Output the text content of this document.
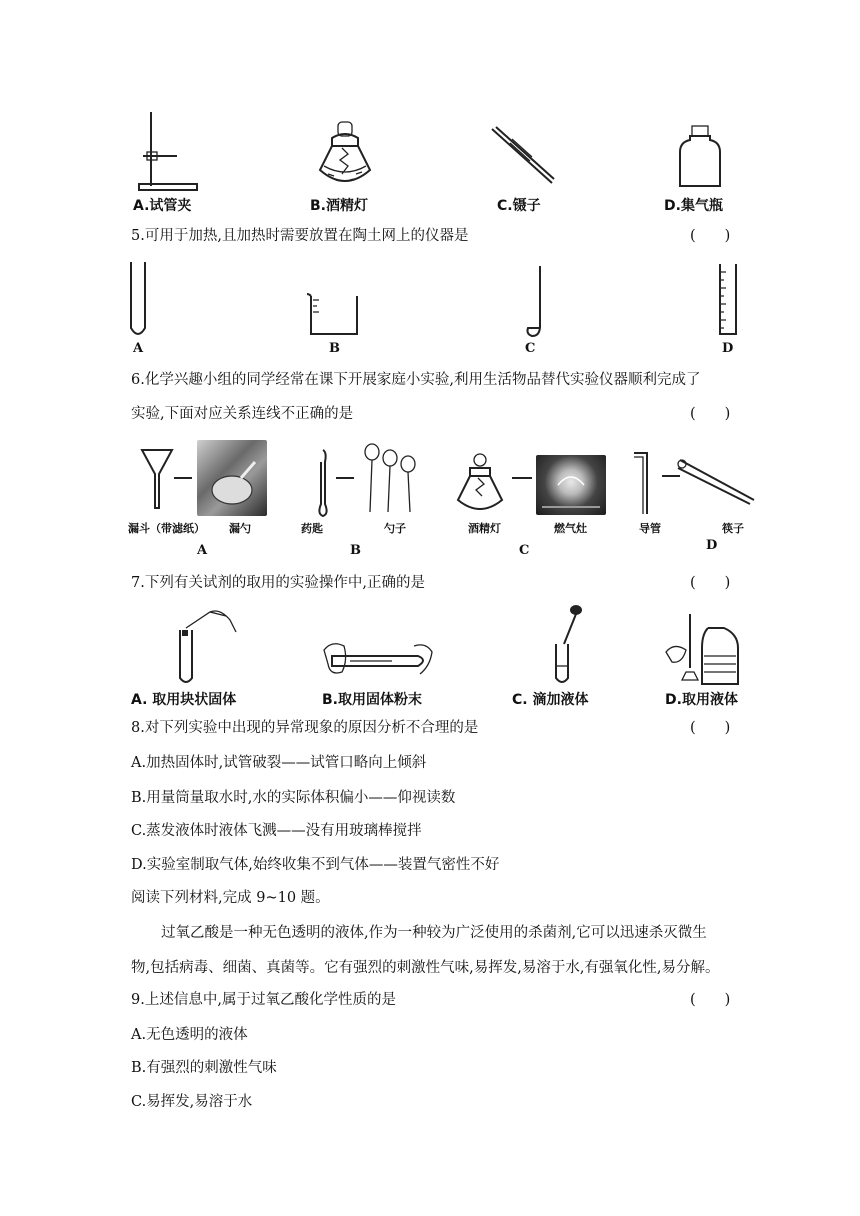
A.试管夹	B.酒精灯	C.镊子	D.集气瓶
5.可用于加热,且加热时需要放置在陶土网上的仪器是	(　　)
A	B	C	D
6.化学兴趣小组的同学经常在课下开展家庭小实验,利用生活物品替代实验仪器顺利完成了
实验,下面对应关系连线不正确的是	(　　)
漏斗（带滤纸） 漏勺	药匙	勺子	酒精灯	燃气灶	导管	筷子
A	B	C	D
7.下列有关试剂的取用的实验操作中,正确的是	(　　)
A. 取用块状固体	B.取用固体粉末	C. 滴加液体	D.取用液体
8.对下列实验中出现的异常现象的原因分析不合理的是	(　　)
A.加热固体时,试管破裂——试管口略向上倾斜
B.用量筒量取水时,水的实际体积偏小——仰视读数
C.蒸发液体时液体飞溅——没有用玻璃棒搅拌
D.实验室制取气体,始终收集不到气体——装置气密性不好
阅读下列材料,完成 9~10 题。
过氧乙酸是一种无色透明的液体,作为一种较为广泛使用的杀菌剂,它可以迅速杀灭微生
物,包括病毒、细菌、真菌等。它有强烈的刺激性气味,易挥发,易溶于水,有强氧化性,易分解。
9.上述信息中,属于过氧乙酸化学性质的是	(　　)
A.无色透明的液体
B.有强烈的刺激性气味
C.易挥发,易溶于水
